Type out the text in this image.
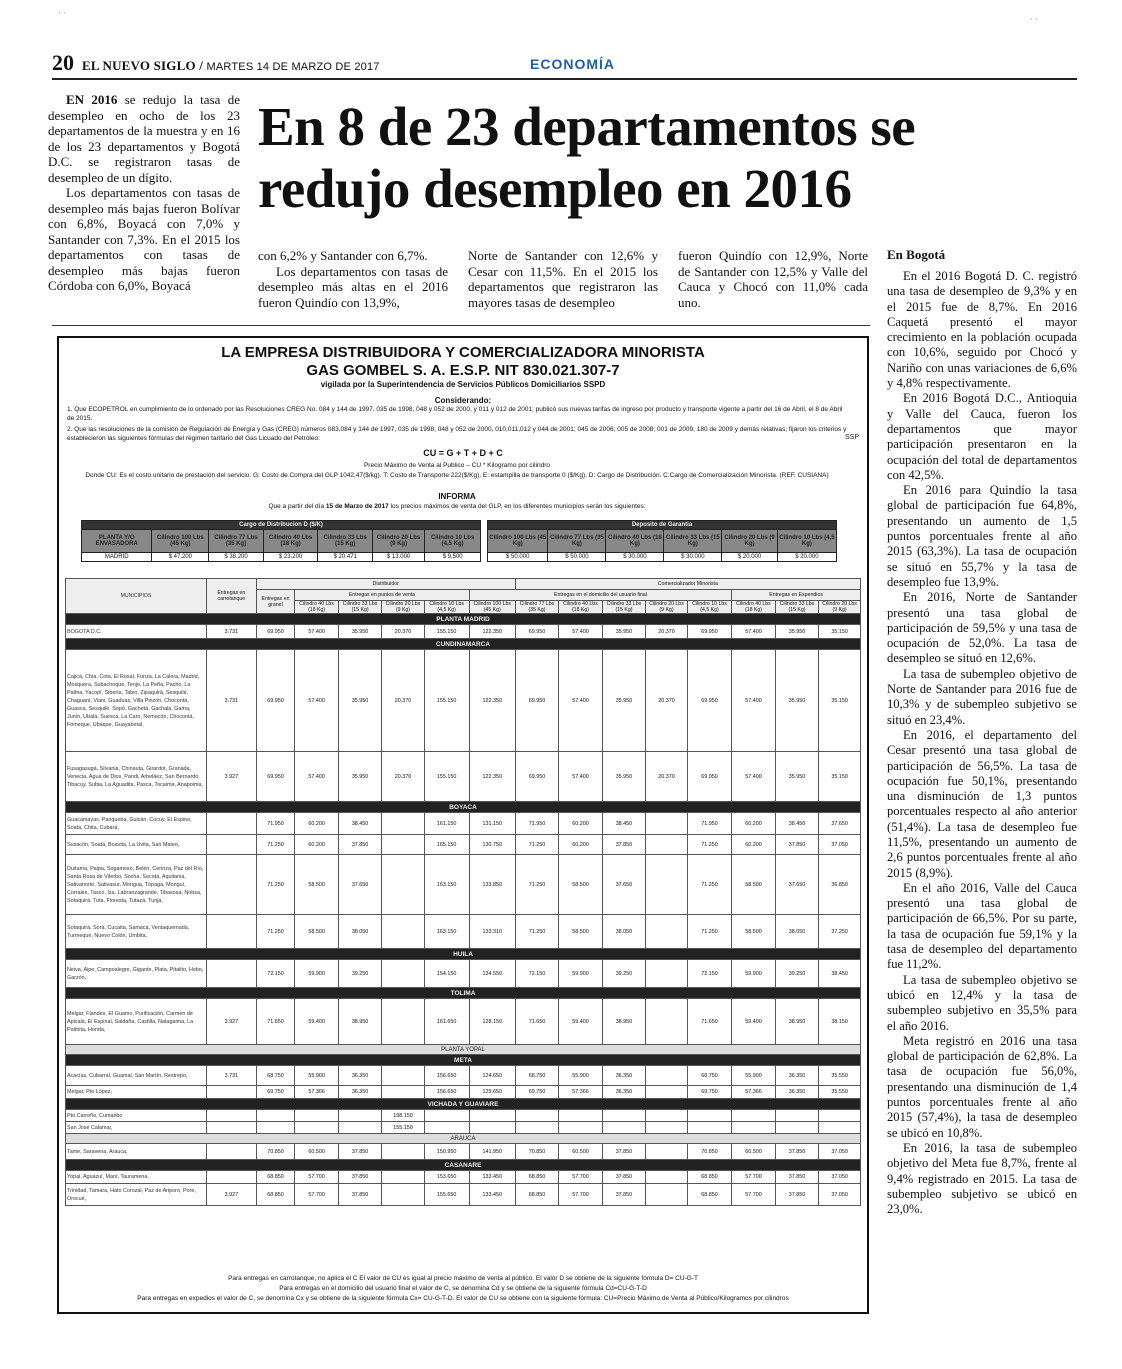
· ·
· ·
20 EL NUEVO SIGLO / MARTES 14 DE MARZO DE 2017	ECONOMÍA

EN 2016 se redujo la tasa de desempleo en ocho de los 23 departamentos de la muestra y en 16 de los 23 departamentos y Bogotá D.C. se registraron tasas de desempleo de un dígito.

Los departamentos con tasas de desempleo más bajas fueron Bolívar con 6,8%, Boyacá con 7,0% y Santander con 7,3%. En el 2015 los departamentos con tasas de desempleo más bajas fueron Córdoba con 6,0%, Boyacá

En 8 de 23 departamentos se redujo desempleo en 2016

con 6,2% y Santander con 6,7%.

Los departamentos con tasas de desempleo más altas en el 2016 fueron Quindío con 13,9%,

Norte de Santander con 12,6% y Cesar con 11,5%. En el 2015 los departamentos que registraron las mayores tasas de desempleo

fueron Quindío con 12,9%, Norte de Santander con 12,5% y Valle del Cauca y Chocó con 11,0% cada uno.

LA EMPRESA DISTRIBUIDORA Y COMERCIALIZADORA MINORISTA
GAS GOMBEL S. A. E.S.P. NIT 830.021.307-7
vigilada por la Superintendencia de Servicios Públicos Domiciliarios SSPD
Considerando:
1. Que ECOPETROL en cumplimiento de lo ordenado por las Resoluciones CREG No. 084 y 144 de 1997, 035 de 1998, 048 y 052 de 2000, y 011 y 012 de 2001; publicó sus nuevas tarifas de ingreso por producto y transporte vigente a partir del 16 de Abril, el 8 de Abril de 2015.
2. Que las resoluciones de la comisión de Regulación de Energía y Gas (CREG) números 083,084 y 144 de 1997, 035 de 1998, 048 y 052 de 2000, 010,011,012 y 044 de 2001; 045 de 2006; 005 de 2008; 001 de 2009, 180 de 2009 y demás relativas; fijaron los criterios y establecieron las siguientes fórmulas del régimen tarifario del Gas Licuado del Petróleo:
CU = G + T + D + C
Precio Máximo de Venta al Publico – CU * Kilogramo por cilindro
Donde CU: Es el costo unitario de prestación del servicio. G: Costo de Compra del GLP 1042,47($/kg). T: Costo de Transporte 222($/Kg). E: estampilla de transporte 0 ($/Kg). D: Cargo de Distribución. C:Cargo de Comercialización Minorista. (REF. CUSIANA)
INFORMA
Que a partir del día 15 de Marzo de 2017 los precios máximos de venta del GLP, en los diferentes municipios serán los siguientes:
SSP
Cargo de Distribucion D ($/K)						
PLANTA Y/O ENVASADORA	Cilindro 100 Lbs (45 Kg)	Cilindro 77 Lbs (35 Kg)	Cilindro 40 Lbs (18 Kg)	Cilindro 33 Lbs (15 Kg)	Cilindro 20 Lbs (9 Kg)	Cilindro 10 Lbs (4,5 Kg)
MADRID	$ 47.200	$ 38.200	$ 23.200	$ 20.471	$ 13.000	$ 9.500
Deposito de Garantia					
Cilindro 100 Lbs (45 Kg)	Cilindro 77 Lbs (35 Kg)	Cilindro 40 Lbs (18 Kg)	Cilindro 33 Lbs (15 Kg)	Cilindro 20 Lbs (9 Kg)	Cilindro 10 Lbs (4,5 Kg)
$ 50.000	$ 50.000	$ 30.000	$ 30.000	$ 20.000	$ 20.000
MUNICIPIOS	Entregas en carrotanque	Distribuidor						Comercializador Minorista							
		Entregas en granel	Entregas en puntos de venta				Entregas en el domicilio del usuario final						Entregas en Expendios		
			Cilindro 40 Lbs (18 Kg)	Cilindro 33 Lbs (15 Kg)	Cilindro 20 Lbs (9 Kg)	Cilindro 10 Lbs (4,5 Kg)	Cilindro 100 Lbs (45 Kg)	Cilindro 77 Lbs (35 Kg)	Cilindro 40 Lbs (18 Kg)	Cilindro 33 Lbs (15 Kg)	Cilindro 20 Lbs (9 Kg)	Cilindro 10 Lbs (4,5 Kg)	Cilindro 40 Lbs (18 Kg)	Cilindro 33 Lbs (15 Kg)	Cilindro 20 Lbs (9 Kg)
PLANTA MADRID															
BOGOTA D.C.	3.731	69.950	57.400	35.950	20.370	155.150	122.350	69.950	57.400	35.950	20.370	69.950	57.400	35.950	35.150
CUNDINAMARCA															
Cajicá, Chía, Cota, El Rosal, Funza, La Calera, Madrid, Mosquera, Subachoque, Tenjo, La Peña, Pacho, La Palma, Yacopí, Sibería, Tabio, Zipaquirá, Sesquilé, Chaguaní, Viani, Guaduas, Villa Pinzón, Chocontá, Guasca, Sesquilé, Sopó, Gachetá, Gachalá, Gama, Junín, Ubalá, Suesca, La Caro, Nemocón, Chocontá, Fómeque, Ubaque, Guayabetal,	3.731	69.950	57.400	35.950	20.370	155.150	122.350	69.950	57.400	35.950	20.370	69.950	57.400	35.950	35.150
Fusagasugá, Silvania, Chinauta, Girardot, Granada, Venecia, Agua de Dios, Pandi, Arbeláez, San Bernardo, Tibacuy, Subia, La Aguadita, Pasca, Tocaima, Anapoima,	3.927	69.950	57.400	35.950	20.370	155.150	122.350	69.950	57.400	35.950	20.370	69.950	57.400	35.950	35.150
BOYACA															
Guacamayas, Panqueba, Guicán, Cocuy, El Espino, Soatá, Chita, Cubará,		71.950	60.200	38.450		161.150	131.150	71.950	60.200	38.450		71.950	60.200	38.450	37.650
Susacón, Soatá, Boavita, La Uvita, San Mateo,		71.250	60.200	37.850		165.150	130.750	71.250	60.200	37.850		71.250	60.200	37.850	37.050
Duitama, Paipa, Sogamoso, Belén, Cerinza, Paz del Río, Santa Rosa de Viterbo, Socha, Socotá, Aquitania, Sativanorte, Sativasur, Mongua, Tópaga, Monguí, Corrales, Tasco, Iza, Labranzagrande, Tibasosa, Nobsa, Sotaquirá, Tuta, Floresta, Tutazá, Tunja,		71.250	58.500	37.650		163.150	133.850	71.250	58.500	37.650		71.250	58.500	37.650	36.850
Sotaquirá, Sora, Cucaita, Samacá, Ventaquemada, Turmequé, Nuevo Colón, Umbita,		71.250	58.500	38.050		163.150	133.310	71.250	58.500	38.050		71.250	58.500	38.050	37.250
HUILA															
Neiva, Aipe, Campoalegre, Gigante, Plata, Pitalito, Hobo, Garzón,		72.150	59.900	39.250		154.150	134.550	72.150	59.900	39.250		72.150	59.900	39.250	38.450
TOLIMA															
Melgar, Flandes, El Guamo, Purificación, Carmen de Apicalá, El Espinal, Saldaña, Castilla, Natagaima, La Palmita, Honda,	3.927	71.650	59.400	38.950		161.650	128.150	71.650	59.400	38.950		71.650	59.400	38.950	38.150
PLANTA YOPAL															
META															
Acacías, Cubarral, Guamal, San Martín, Restrepo,	3.731	68.750	55.900	36.350		156.650	124.650	68.750	55.900	36.350		68.750	55.900	36.350	35.550
Melgar, Pto López,		69.750	57.366	36.350		156.650	129.650	69.750	57.366	36.350		69.750	57.366	36.350	35.550
VICHADA Y GUAVIARE															
Pto Carreño, Cumaribo					198.150										
San José Calamar,					155.150										
ARAUCA															
Tame, Saravena, Arauca,		70.850	60.500	37.850		150.950	141.950	70.850	60.500	37.850		70.850	60.500	37.850	37.050
CASANARE															
Yopal, Aguazul, Maní, Tauramena,		68.850	57.700	37.850		153.650	133.450	68.850	57.700	37.850		68.850	57.700	37.850	37.050
Trinidad, Tamara, Hato Corozal, Paz de Ariporo, Pore, Orocué,	3.927	68.850	57.700	37.850		155.650	133.450	68.850	57.700	37.850		68.850	57.700	37.850	37.050
Para entregas en carrotanque, no aplica el C El valor de CU es igual al precio máximo de venta al público. El valor D se obtiene de la siguiente fórmula D= CU-G-T
Para entregas en el domicilio del usuario final el valor de C, se denomina Cd y se obtiene de la siguiente fórmula Cd=CU-G-T-D
Para entregas en expedios el valor de C, se denomina Cx y se obtiene de la siguiente fórmula Cx= CU-G-T-D. El valor de CU se obtiene con la siguiente fórmula: CU=Precio Máximo de Venta al Público/Kilogramos por cilindros

En Bogotá

En el 2016 Bogotá D. C. registró una tasa de desempleo de 9,3% y en el 2015 fue de 8,7%. En 2016 Caquetá presentó el mayor crecimiento en la población ocupada con 10,6%, seguido por Chocó y Nariño con unas variaciones de 6,6% y 4,8% respectivamente.

En 2016 Bogotá D.C., Antioquia y Valle del Cauca, fueron los departamentos que mayor participación presentaron en la ocupación del total de departamentos con 42,5%.

En 2016 para Quindío la tasa global de participación fue 64,8%, presentando un aumento de 1,5 puntos porcentuales frente al año 2015 (63,3%). La tasa de ocupación se situó en 55,7% y la tasa de desempleo fue 13,9%.

En 2016, Norte de Santander presentó una tasa global de participación de 59,5% y una tasa de ocupación de 52,0%. La tasa de desempleo se situó en 12,6%.

La tasa de subempleo objetivo de Norte de Santander para 2016 fue de 10,3% y de subempleo subjetivo se situó en 23,4%.

En 2016, el departamento del Cesar presentó una tasa global de participación de 56,5%. La tasa de ocupación fue 50,1%, presentando una disminución de 1,3 puntos porcentuales respecto al año anterior (51,4%). La tasa de desempleo fue 11,5%, presentando un aumento de 2,6 puntos porcentuales frente al año 2015 (8,9%).

En el año 2016, Valle del Cauca presentó una tasa global de participación de 66,5%. Por su parte, la tasa de ocupación fue 59,1% y la tasa de desempleo del departamento fue 11,2%.

La tasa de subempleo objetivo se ubicó en 12,4% y la tasa de subempleo subjetivo en 35,5% para el año 2016.

Meta registró en 2016 una tasa global de participación de 62,8%. La tasa de ocupación fue 56,0%, presentando una disminución de 1,4 puntos porcentuales frente al año 2015 (57,4%), la tasa de desempleo se ubicó en 10,8%.

En 2016, la tasa de subempleo objetivo del Meta fue 8,7%, frente al 9,4% registrado en 2015. La tasa de subempleo subjetivo se ubicó en 23,0%.
